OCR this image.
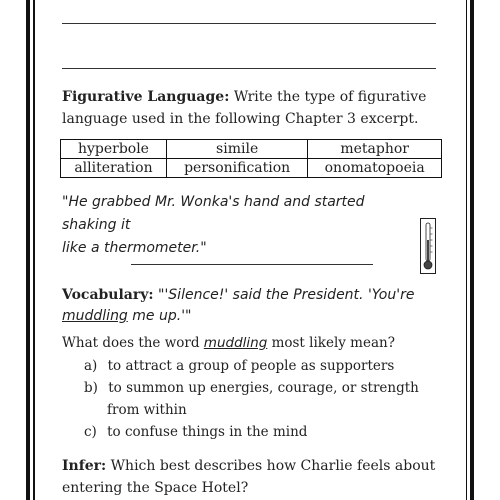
Figurative Language: Write the type of figurative
language used in the following Chapter 3 excerpt.
hyperbole	simile	metaphor
alliteration	personification	onomatopoeia
"He grabbed Mr. Wonka's hand and started shaking it
like a thermometer."
Vocabulary: "'Silence!' said the President. 'You're
muddling me up.'"
What does the word muddling most likely mean?
a) to attract a group of people as supporters
b) to summon up energies, courage, or strength
from within
c) to confuse things in the mind
Infer: Which best describes how Charlie feels about
entering the Space Hotel?
